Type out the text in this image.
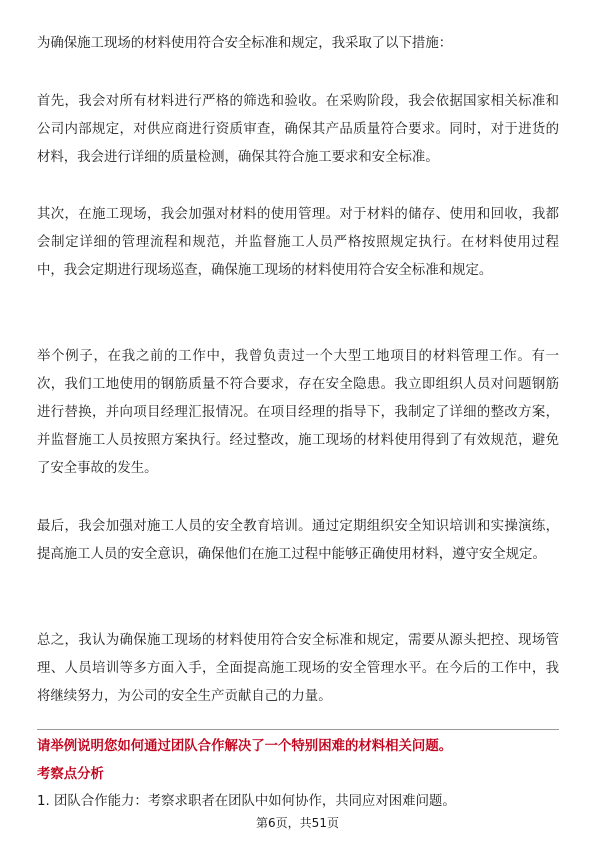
为确保施工现场的材料使用符合安全标准和规定，我采取了以下措施：

首先，我会对所有材料进行严格的筛选和验收。在采购阶段，我会依据国家相关标准和公司内部规定，对供应商进行资质审查，确保其产品质量符合要求。同时，对于进货的材料，我会进行详细的质量检测，确保其符合施工要求和安全标准。

其次，在施工现场，我会加强对材料的使用管理。对于材料的储存、使用和回收，我都会制定详细的管理流程和规范，并监督施工人员严格按照规定执行。在材料使用过程中，我会定期进行现场巡查，确保施工现场的材料使用符合安全标准和规定。

举个例子，在我之前的工作中，我曾负责过一个大型工地项目的材料管理工作。有一次，我们工地使用的钢筋质量不符合要求，存在安全隐患。我立即组织人员对问题钢筋进行替换，并向项目经理汇报情况。在项目经理的指导下，我制定了详细的整改方案，并监督施工人员按照方案执行。经过整改，施工现场的材料使用得到了有效规范，避免了安全事故的发生。

最后，我会加强对施工人员的安全教育培训。通过定期组织安全知识培训和实操演练，提高施工人员的安全意识，确保他们在施工过程中能够正确使用材料，遵守安全规定。

总之，我认为确保施工现场的材料使用符合安全标准和规定，需要从源头把控、现场管理、人员培训等多方面入手，全面提高施工现场的安全管理水平。在今后的工作中，我将继续努力，为公司的安全生产贡献自己的力量。

请举例说明您如何通过团队合作解决了一个特别困难的材料相关问题。

考察点分析

1. 团队合作能力：考察求职者在团队中如何协作，共同应对困难问题。

第6页，共51页
